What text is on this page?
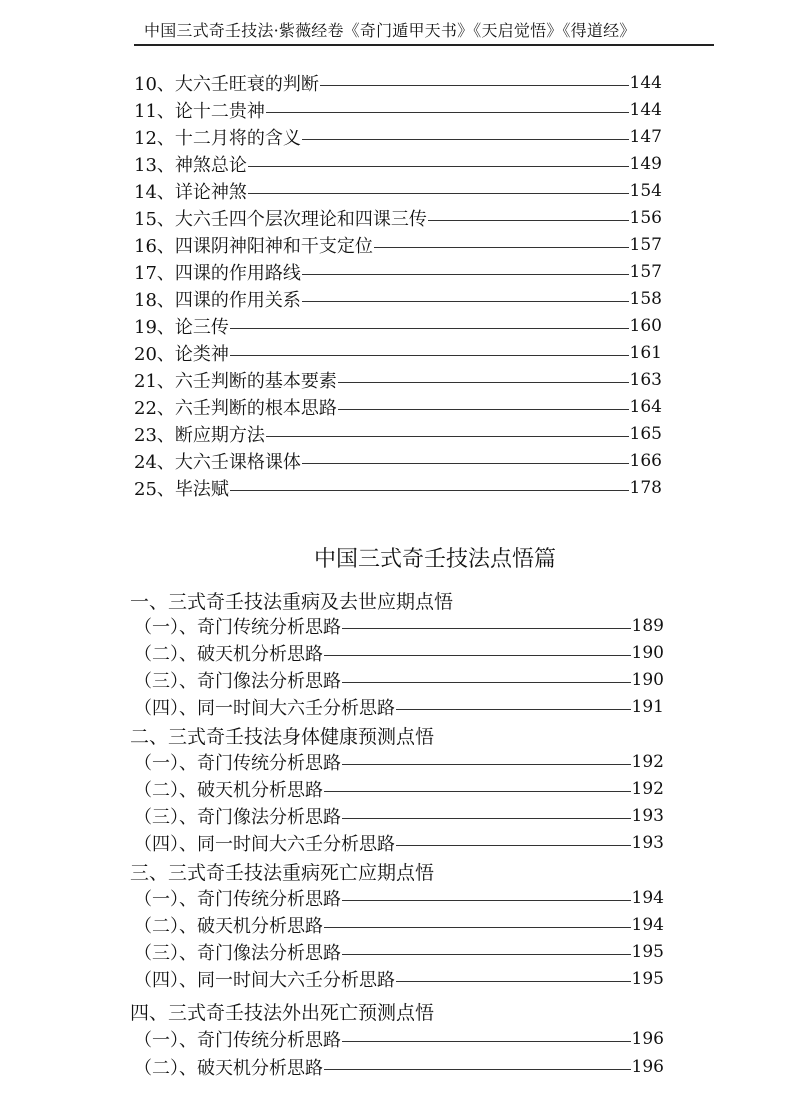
中国三式奇壬技法·紫薇经卷《奇门遁甲天书》《天启觉悟》《得道经》
10、大六壬旺衰的判断	144
11、论十二贵神	144
12、十二月将的含义	147
13、神煞总论	149
14、详论神煞	154
15、大六壬四个层次理论和四课三传	156
16、四课阴神阳神和干支定位	157
17、四课的作用路线	157
18、四课的作用关系	158
19、论三传	160
20、论类神	161
21、六壬判断的基本要素	163
22、六壬判断的根本思路	164
23、断应期方法	165
24、大六壬课格课体	166
25、毕法赋	178
中国三式奇壬技法点悟篇
一、三式奇壬技法重病及去世应期点悟
（一）、奇门传统分析思路	189
（二）、破天机分析思路	190
（三）、奇门像法分析思路	190
（四）、同一时间大六壬分析思路	191
二、三式奇壬技法身体健康预测点悟
（一）、奇门传统分析思路	192
（二）、破天机分析思路	192
（三）、奇门像法分析思路	193
（四）、同一时间大六壬分析思路	193
三、三式奇壬技法重病死亡应期点悟
（一）、奇门传统分析思路	194
（二）、破天机分析思路	194
（三）、奇门像法分析思路	195
（四）、同一时间大六壬分析思路	195
四、三式奇壬技法外出死亡预测点悟
（一）、奇门传统分析思路	196
（二）、破天机分析思路	196
